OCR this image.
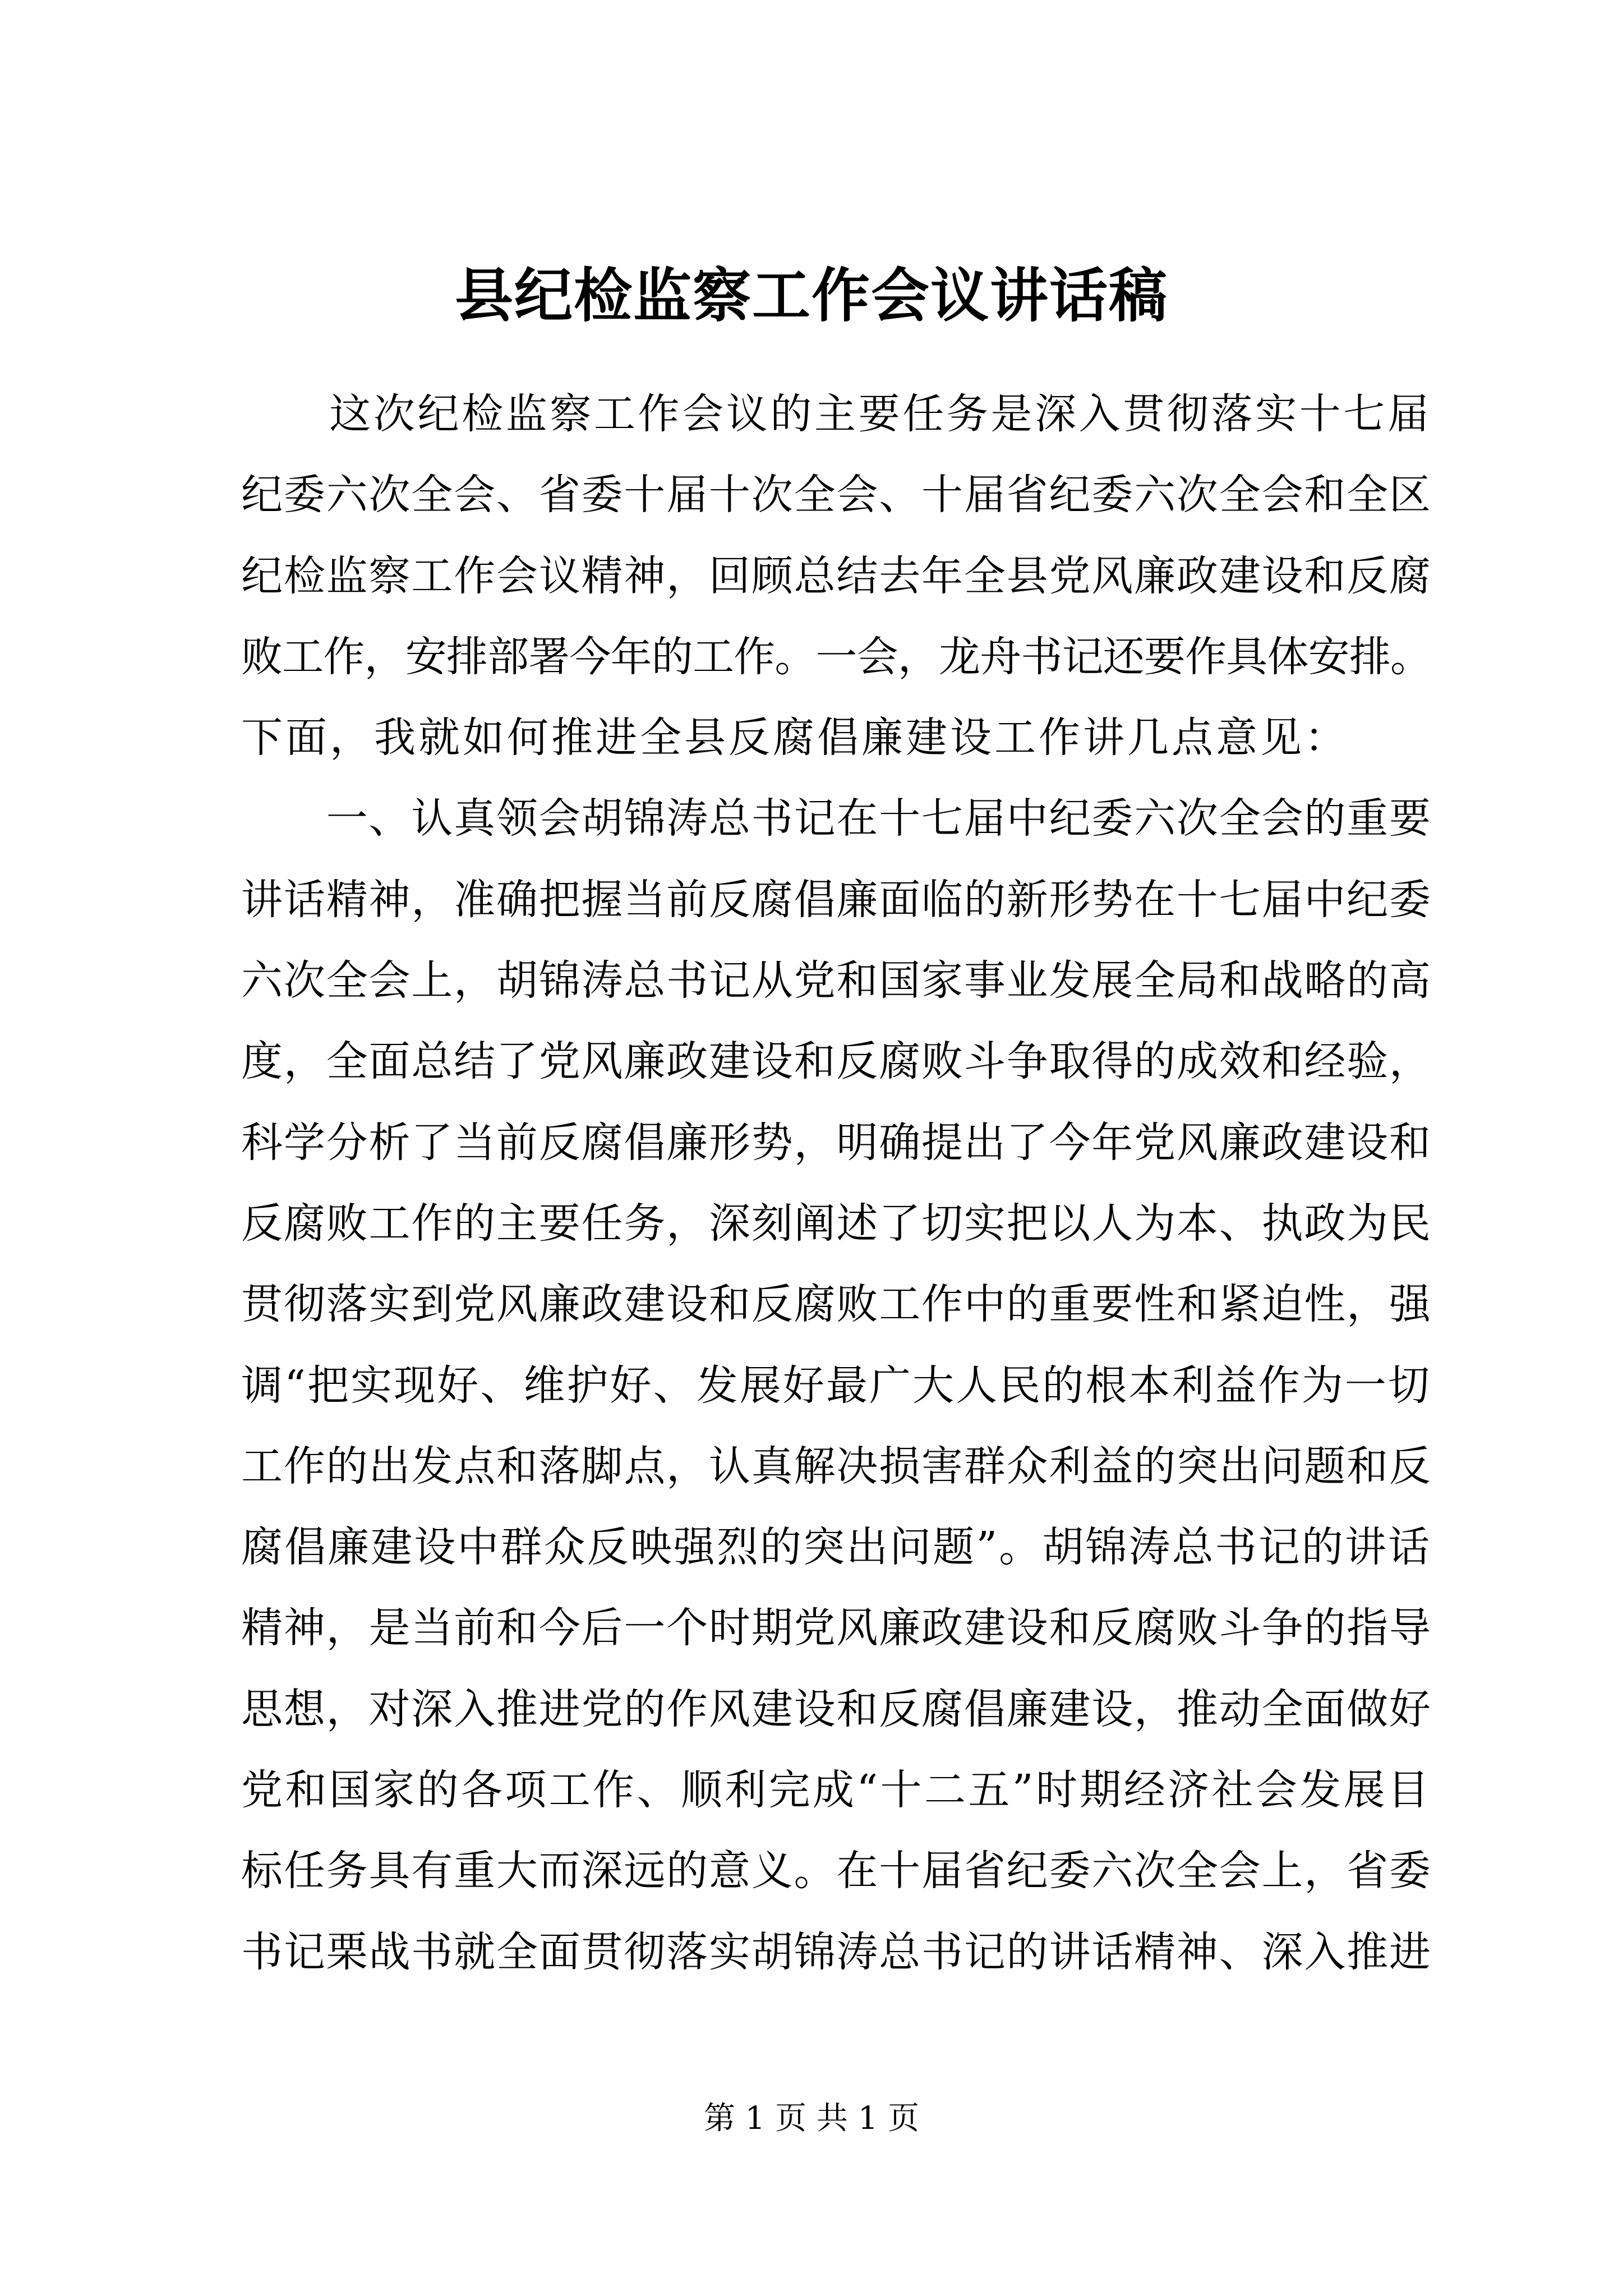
县纪检监察工作会议讲话稿
　　这次纪检监察工作会议的主要任务是深入贯彻落实十七届
纪委六次全会、省委十届十次全会、十届省纪委六次全会和全区
纪检监察工作会议精神，回顾总结去年全县党风廉政建设和反腐
败工作，安排部署今年的工作。一会，龙舟书记还要作具体安排。
下面，我就如何推进全县反腐倡廉建设工作讲几点意见：
　　一、认真领会胡锦涛总书记在十七届中纪委六次全会的重要
讲话精神，准确把握当前反腐倡廉面临的新形势在十七届中纪委
六次全会上，胡锦涛总书记从党和国家事业发展全局和战略的高
度，全面总结了党风廉政建设和反腐败斗争取得的成效和经验，
科学分析了当前反腐倡廉形势，明确提出了今年党风廉政建设和
反腐败工作的主要任务，深刻阐述了切实把以人为本、执政为民
贯彻落实到党风廉政建设和反腐败工作中的重要性和紧迫性，强
调“把实现好、维护好、发展好最广大人民的根本利益作为一切
工作的出发点和落脚点，认真解决损害群众利益的突出问题和反
腐倡廉建设中群众反映强烈的突出问题”。胡锦涛总书记的讲话
精神，是当前和今后一个时期党风廉政建设和反腐败斗争的指导
思想，对深入推进党的作风建设和反腐倡廉建设，推动全面做好
党和国家的各项工作、顺利完成“十二五”时期经济社会发展目
标任务具有重大而深远的意义。在十届省纪委六次全会上，省委
书记栗战书就全面贯彻落实胡锦涛总书记的讲话精神、深入推进
第 1 页 共 1 页
